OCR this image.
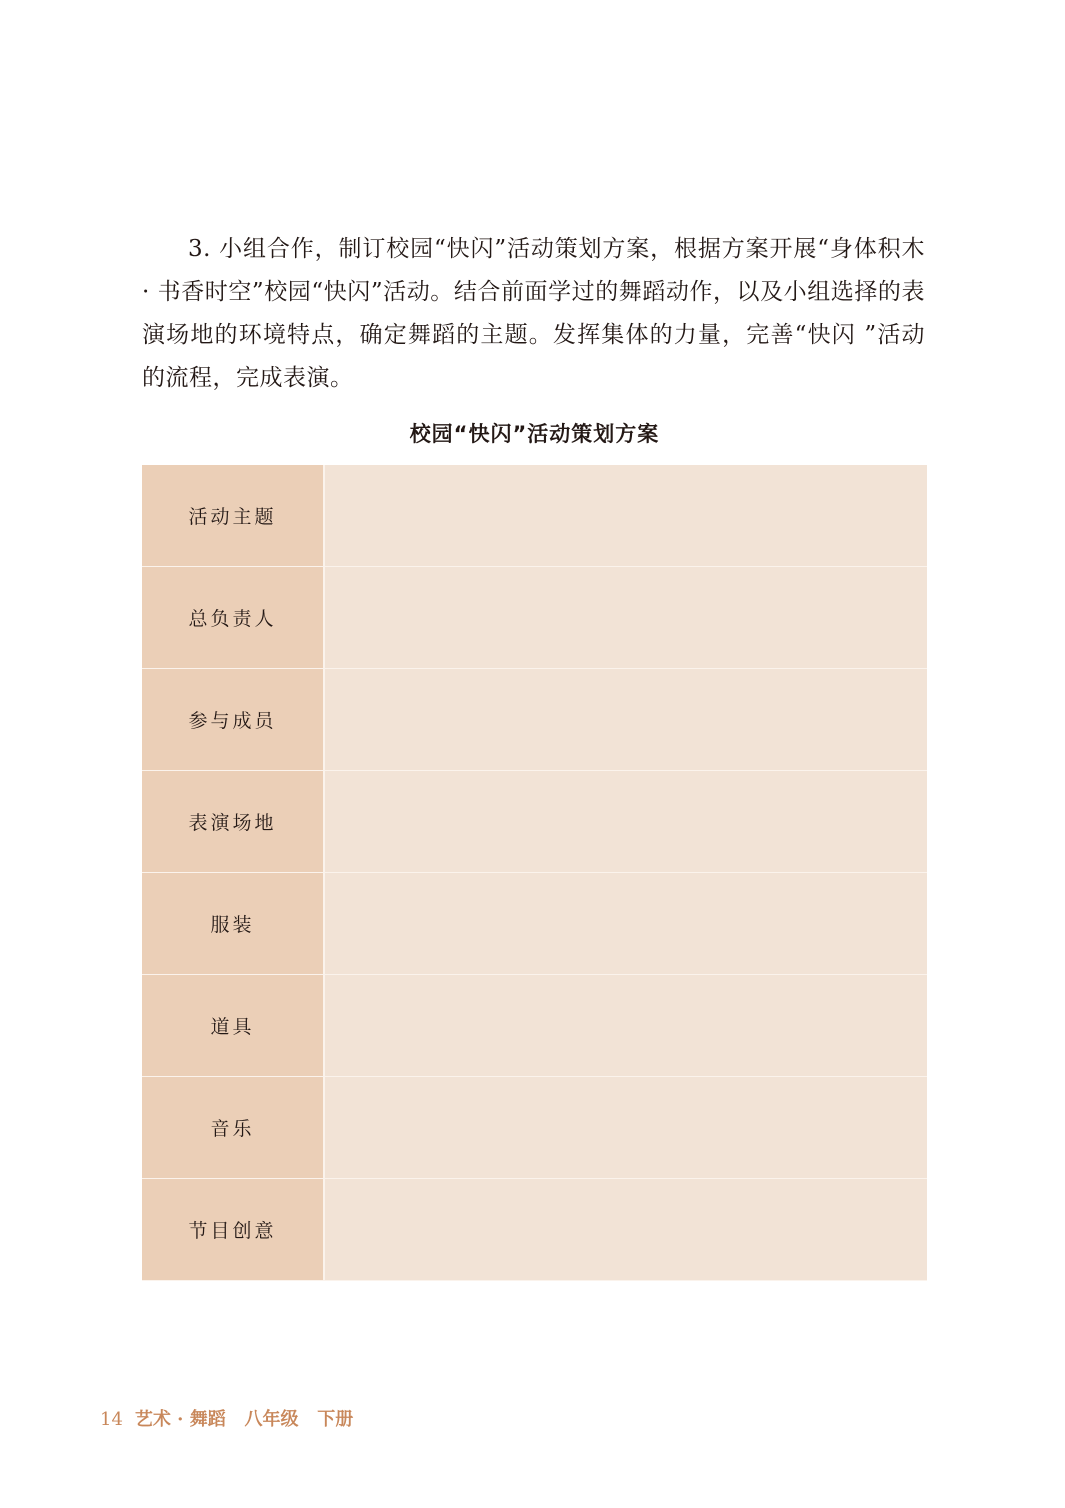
3. 小组合作，制订校园“快闪”活动策划方案，根据方案开展“身体积木 · 书香时空”校园“快闪”活动。结合前面学过的舞蹈动作，以及小组选择的表演场地的环境特点，确定舞蹈的主题。发挥集体的力量，完善“快闪 ”活动的流程，完成表演。

校园“快闪”活动策划方案
活动主题	
总负责人	
参与成员	
表演场地	
服装	
道具	
音乐	
节目创意	
14 艺术 · 舞蹈   八年级   下册
